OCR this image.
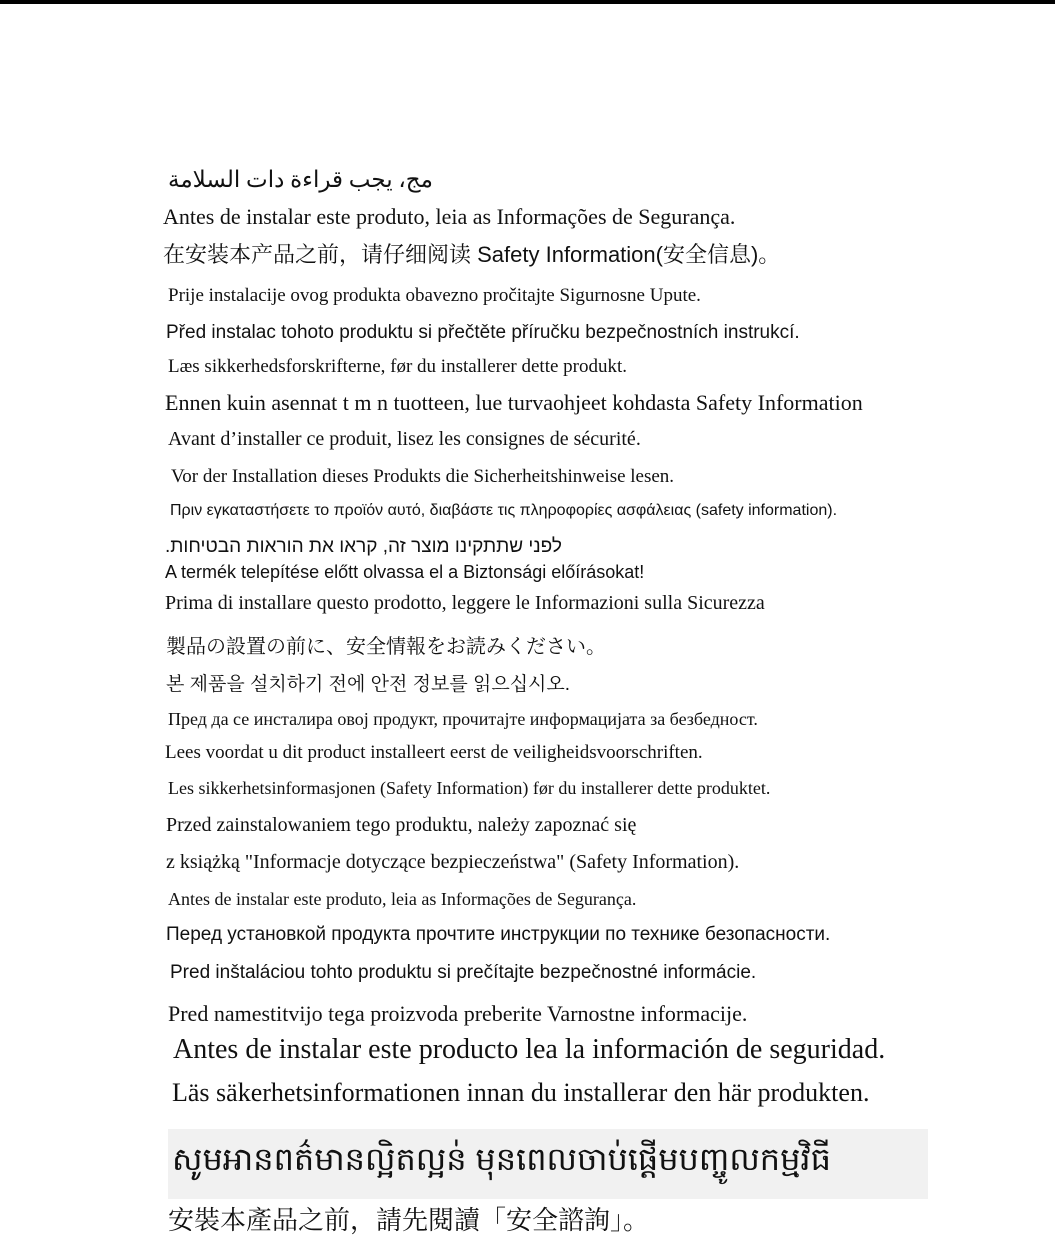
مج، يجب قراءة دات السلامة
Antes de instalar este produto, leia as Informações de Segurança.
在安装本产品之前，请仔细阅读 Safety Information(安全信息)。
Prije instalacije ovog produkta obavezno pročitajte Sigurnosne Upute.
Před instalac tohoto produktu si přečtěte příručku bezpečnostních instrukcí.
Læs sikkerhedsforskrifterne, før du installerer dette produkt.
Ennen kuin asennat t m n tuotteen, lue turvaohjeet kohdasta Safety Information
Avant d’installer ce produit, lisez les consignes de sécurité.
Vor der Installation dieses Produkts die Sicherheitshinweise lesen.
Πριν εγκαταστήσετε το προϊόν αυτό, διαβάστε τις πληροφορίες ασφάλειας (safety information).
לפני שתתקינו מוצר זה, קראו את הוראות הבטיחות.
A termék telepítése előtt olvassa el a Biztonsági előírásokat!
Prima di installare questo prodotto, leggere le Informazioni sulla Sicurezza
製品の設置の前に、安全情報をお読みください。
본 제품을 설치하기 전에 안전 정보를 읽으십시오.
Пред да се инсталира овој продукт, прочитајте информацијата за безбедност.
Lees voordat u dit product installeert eerst de veiligheidsvoorschriften.
Les sikkerhetsinformasjonen (Safety Information) før du installerer dette produktet.
Przed zainstalowaniem tego produktu, należy zapoznać się
z książką "Informacje dotyczące bezpieczeństwa" (Safety Information).
Antes de instalar este produto, leia as Informações de Segurança.
Перед установкой продукта прочтите инструкции по технике безопасности.
Pred inštaláciou tohto produktu si prečítajte bezpečnostné informácie.
Pred namestitvijo tega proizvoda preberite Varnostne informacije.
Antes de instalar este producto lea la información de seguridad.
Läs säkerhetsinformationen innan du installerar den här produkten.
សូមអានពត៌មានល្អិតល្អន់ មុនពេលចាប់ផ្តើមបញ្ចូលកម្មវិធី
安裝本產品之前，請先閱讀「安全諮詢」。
